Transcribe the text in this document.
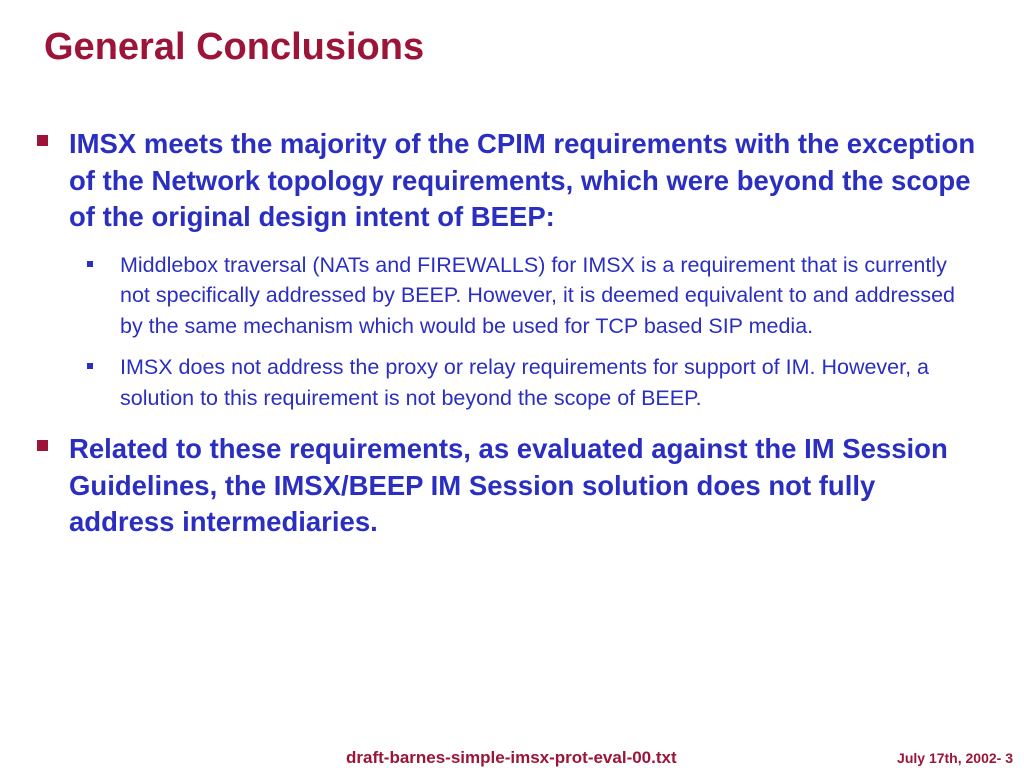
General Conclusions
IMSX meets the majority of the CPIM requirements with the exception of the Network topology requirements, which were beyond the scope of the original design intent of BEEP:
Middlebox traversal (NATs and FIREWALLS) for IMSX is a requirement that is currently not specifically addressed by BEEP. However, it is deemed equivalent to and addressed by the same mechanism which would be used for TCP based SIP media.
IMSX does not address the proxy or relay requirements for support of IM. However, a solution to this requirement is not beyond the scope of BEEP.
Related to these requirements, as evaluated against the IM Session Guidelines, the IMSX/BEEP IM Session solution does not fully address intermediaries.
draft-barnes-simple-imsx-prot-eval-00.txt	July 17th, 2002- 3
